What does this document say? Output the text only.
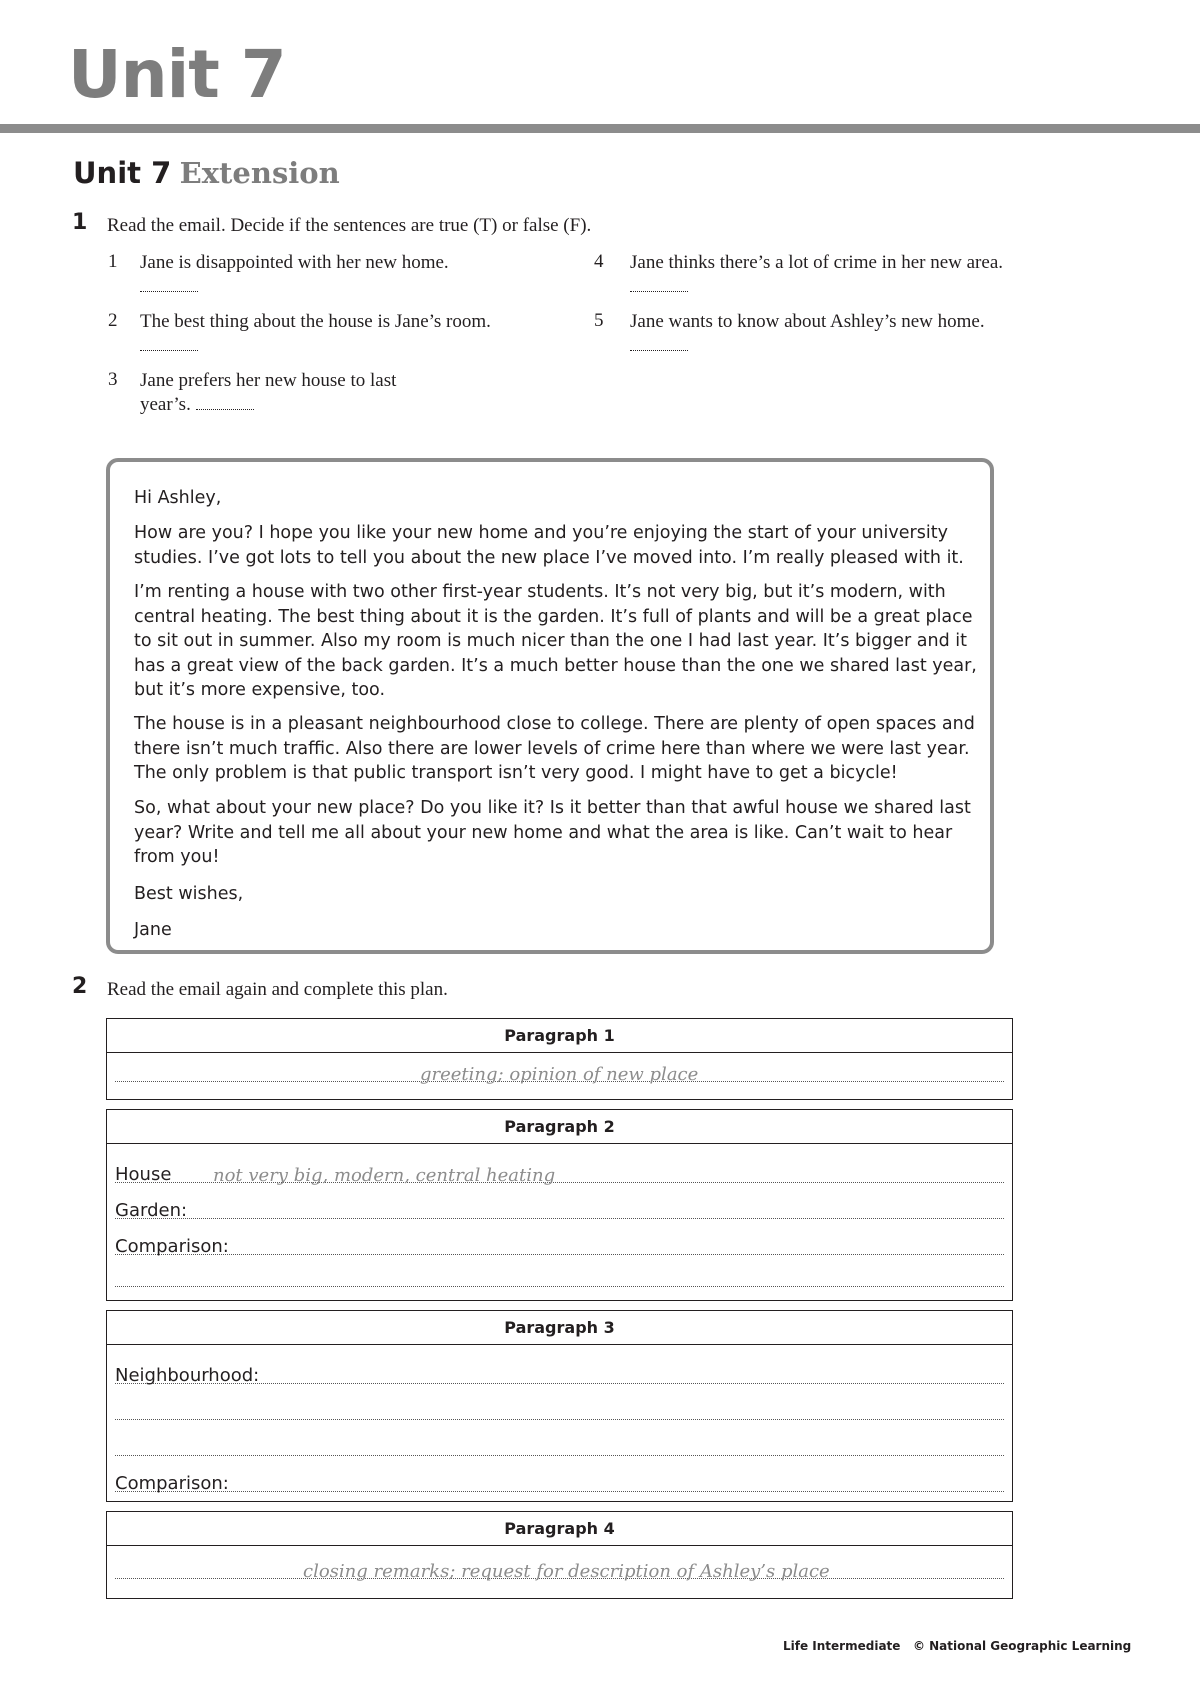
Unit 7
Unit 7 Extension
1 Read the email. Decide if the sentences are true (T) or false (F).
1 Jane is disappointed with her new home.
2 The best thing about the house is Jane’s room.
3 Jane prefers her new house to last year’s.
4 Jane thinks there’s a lot of crime in her new area.
5 Jane wants to know about Ashley’s new home.

Hi Ashley,

How are you? I hope you like your new home and you’re enjoying the start of your university studies. I’ve got lots to tell you about the new place I’ve moved into. I’m really pleased with it.

I’m renting a house with two other first-year students. It’s not very big, but it’s modern, with central heating. The best thing about it is the garden. It’s full of plants and will be a great place to sit out in summer. Also my room is much nicer than the one I had last year. It’s bigger and it has a great view of the back garden. It’s a much better house than the one we shared last year, but it’s more expensive, too.

The house is in a pleasant neighbourhood close to college. There are plenty of open spaces and there isn’t much traffic. Also there are lower levels of crime here than where we were last year. The only problem is that public transport isn’t very good. I might have to get a bicycle!

So, what about your new place? Do you like it? Is it better than that awful house we shared last year? Write and tell me all about your new home and what the area is like. Can’t wait to hear from you!

Best wishes,

Jane

2 Read the email again and complete this plan.
Paragraph 1
greeting; opinion of new place
Paragraph 2
House not very big, modern, central heating
Garden:
Comparison:
Paragraph 3
Neighbourhood:
Comparison:
Paragraph 4
closing remarks; request for description of Ashley’s place
Life Intermediate   © National Geographic Learning
